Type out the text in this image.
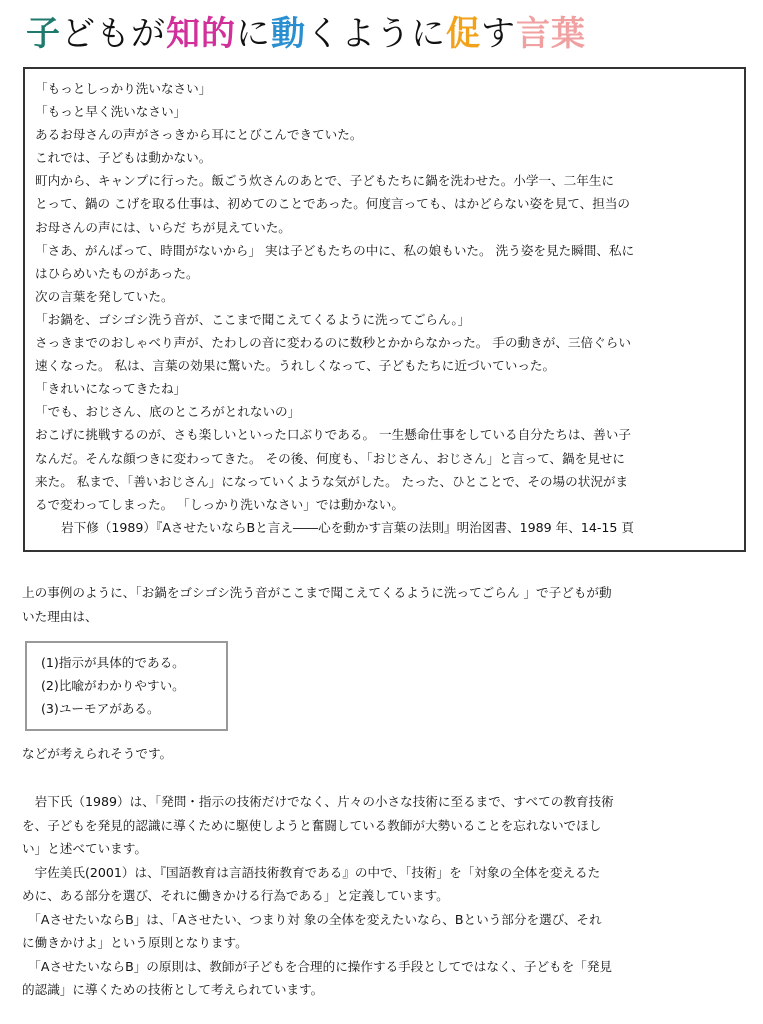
子どもが知的に動くように促す言葉
「もっとしっかり洗いなさい」
「もっと早く洗いなさい」
あるお母さんの声がさっきから耳にとびこんできていた。
これでは、子どもは動かない。
町内から、キャンプに行った。飯ごう炊さんのあとで、子どもたちに鍋を洗わせた。小学一、二年生に
とって、鍋の こげを取る仕事は、初めてのことであった。何度言っても、はかどらない姿を見て、担当の
お母さんの声には、いらだ ちが見えていた。
「さあ、がんばって、時間がないから」 実は子どもたちの中に、私の娘もいた。 洗う姿を見た瞬間、私に
はひらめいたものがあった。
次の言葉を発していた。
「お鍋を、ゴシゴシ洗う音が、ここまで聞こえてくるように洗ってごらん。」
さっきまでのおしゃべり声が、たわしの音に変わるのに数秒とかからなかった。 手の動きが、三倍ぐらい
速くなった。 私は、言葉の効果に驚いた。うれしくなって、子どもたちに近づいていった。
「きれいになってきたね」
「でも、おじさん、底のところがとれないの」
おこげに挑戦するのが、さも楽しいといった口ぶりである。 一生懸命仕事をしている自分たちは、善い子
なんだ。そんな顔つきに変わってきた。 その後、何度も、「おじさん、おじさん」と言って、鍋を見せに
来た。 私まで、「善いおじさん」になっていくような気がした。 たった、ひとことで、その場の状況がま
るで変わってしまった。 「しっかり洗いなさい」では動かない。
岩下修（1989）『AさせたいならBと言え――心を動かす言葉の法則』明治図書、1989 年、14-15 頁
上の事例のように、「お鍋をゴシゴシ洗う音がここまで聞こえてくるように洗ってごらん 」で子どもが動
いた理由は、
(1)指示が具体的である。
(2)比喩がわかりやすい。
(3)ユーモアがある。
などが考えられそうです。
　岩下氏（1989）は、「発問・指示の技術だけでなく、片々の小さな技術に至るまで、すべての教育技術
を、子どもを発見的認識に導くために駆使しようと奮闘している教師が大勢いることを忘れないでほし
い」と述べています。
　宇佐美氏(2001）は、『国語教育は言語技術教育である』の中で、「技術」を「対象の全体を変えるた
めに、ある部分を選び、それに働きかける行為である」と定義しています。
　「AさせたいならB」は、「Aさせたい、つまり対 象の全体を変えたいなら、Bという部分を選び、それ
に働きかけよ」という原則となります。
　「AさせたいならB」の原則は、教師が子どもを合理的に操作する手段としてではなく、子どもを「発見
的認識」に導くための技術として考えられています。
